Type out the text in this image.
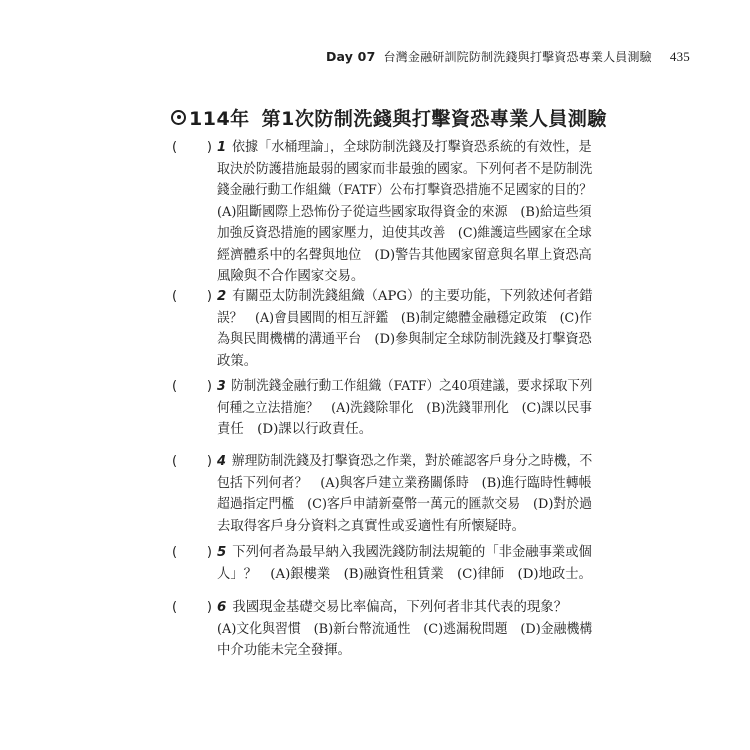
Day 07 台灣金融研訓院防制洗錢與打擊資恐專業人員測驗 435
114年 第1次防制洗錢與打擊資恐專業人員測驗
( ) 1 依據「水桶理論」，全球防制洗錢及打擊資恐系統的有效性，是
取決於防護措施最弱的國家而非最強的國家。下列何者不是防制洗
錢金融行動工作組織（FATF）公布打擊資恐措施不足國家的目的？
(A)阻斷國際上恐怖份子從這些國家取得資金的來源　(B)給這些須
加強反資恐措施的國家壓力，迫使其改善　(C)維護這些國家在全球
經濟體系中的名聲與地位　(D)警告其他國家留意與名單上資恐高
風險與不合作國家交易。
( ) 2 有關亞太防制洗錢組織（APG）的主要功能，下列敘述何者錯
誤？　(A)會員國間的相互評鑑　(B)制定總體金融穩定政策　(C)作
為與民間機構的溝通平台　(D)參與制定全球防制洗錢及打擊資恐
政策。
( ) 3 防制洗錢金融行動工作組織（FATF）之40項建議，要求採取下列
何種之立法措施？　(A)洗錢除罪化　(B)洗錢罪刑化　(C)課以民事
責任　(D)課以行政責任。
( ) 4 辦理防制洗錢及打擊資恐之作業，對於確認客戶身分之時機，不
包括下列何者？　(A)與客戶建立業務關係時　(B)進行臨時性轉帳
超過指定門檻　(C)客戶申請新臺幣一萬元的匯款交易　(D)對於過
去取得客戶身分資料之真實性或妥適性有所懷疑時。
( ) 5 下列何者為最早納入我國洗錢防制法規範的「非金融事業或個
人」？　(A)銀樓業　(B)融資性租賃業　(C)律師　(D)地政士。
( ) 6 我國現金基礎交易比率偏高，下列何者非其代表的現象？
(A)文化與習慣　(B)新台幣流通性　(C)逃漏稅問題　(D)金融機構
中介功能未完全發揮。
